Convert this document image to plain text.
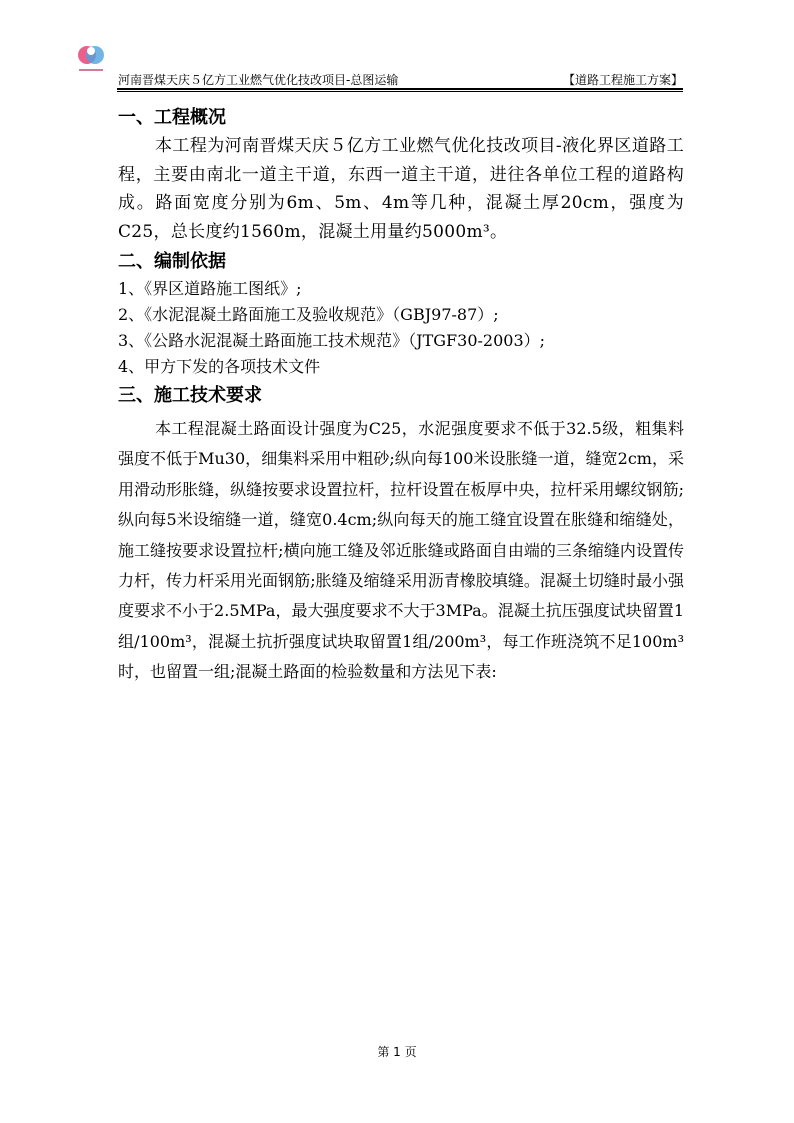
河南晋煤天庆５亿方工业燃气优化技改项目-总图运输	【道路工程施工方案】
一、工程概况

本工程为河南晋煤天庆５亿方工业燃气优化技改项目-液化界区道路工程，主要由南北一道主干道，东西一道主干道，进往各单位工程的道路构成。路面宽度分别为6m、5m、4m等几种，混凝土厚20cm，强度为C25，总长度约1560m，混凝土用量约5000m³。

二、编制依据

1、《界区道路施工图纸》;

2、《水泥混凝土路面施工及验收规范》（GBJ97-87）;

3、《公路水泥混凝土路面施工技术规范》（JTGF30-2003）;

4、甲方下发的各项技术文件

三、施工技术要求

本工程混凝土路面设计强度为C25，水泥强度要求不低于32.5级，粗集料强度不低于Mu30，细集料采用中粗砂;纵向每100米设胀缝一道，缝宽2cm，采用滑动形胀缝，纵缝按要求设置拉杆，拉杆设置在板厚中央，拉杆采用螺纹钢筋;纵向每5米设缩缝一道，缝宽0.4cm;纵向每天的施工缝宜设置在胀缝和缩缝处，施工缝按要求设置拉杆;横向施工缝及邻近胀缝或路面自由端的三条缩缝内设置传力杆，传力杆采用光面钢筋;胀缝及缩缝采用沥青橡胶填缝。混凝土切缝时最小强度要求不小于2.5MPa，最大强度要求不大于3MPa。混凝土抗压强度试块留置1组/100m³，混凝土抗折强度试块取留置1组/200m³，每工作班浇筑不足100m³时，也留置一组;混凝土路面的检验数量和方法见下表:

第 1 页
